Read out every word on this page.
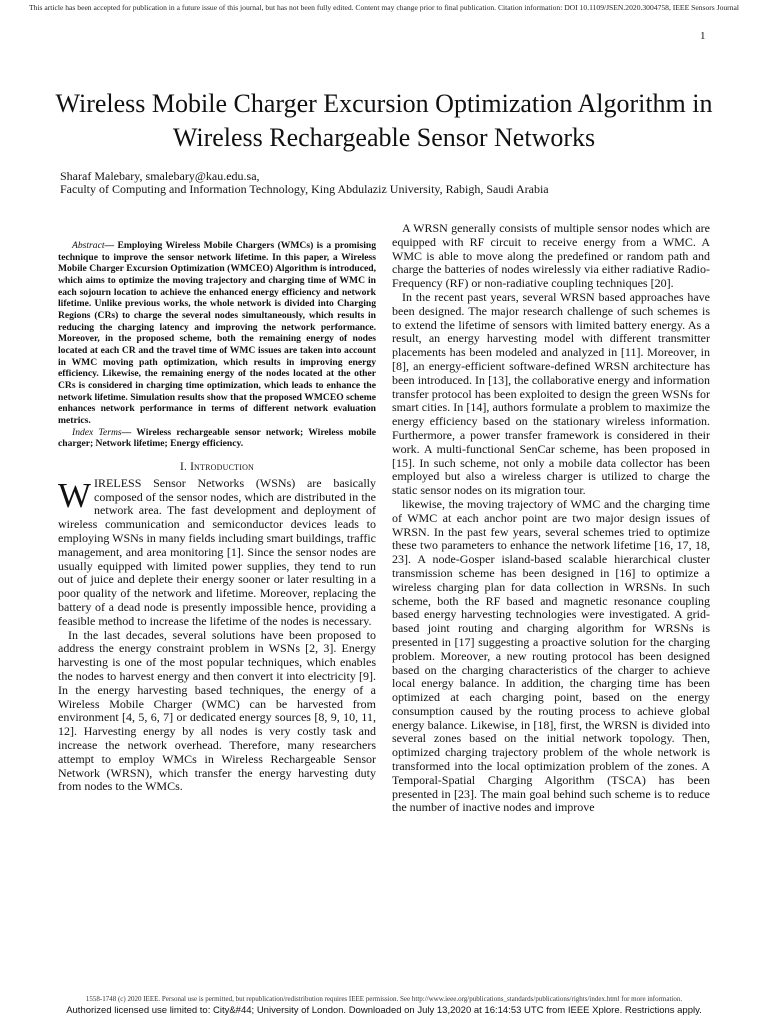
This article has been accepted for publication in a future issue of this journal, but has not been fully edited. Content may change prior to final publication. Citation information: DOI 10.1109/JSEN.2020.3004758, IEEE Sensors Journal
1
Wireless Mobile Charger Excursion Optimization Algorithm in Wireless Rechargeable Sensor Networks
Sharaf Malebary, smalebary@kau.edu.sa,
Faculty of Computing and Information Technology, King Abdulaziz University, Rabigh, Saudi Arabia

Abstract— Employing Wireless Mobile Chargers (WMCs) is a promising technique to improve the sensor network lifetime. In this paper, a Wireless Mobile Charger Excursion Optimization (WMCEO) Algorithm is introduced, which aims to optimize the moving trajectory and charging time of WMC in each sojourn location to achieve the enhanced energy efficiency and network lifetime. Unlike previous works, the whole network is divided into Charging Regions (CRs) to charge the several nodes simultaneously, which results in reducing the charging latency and improving the network performance. Moreover, in the proposed scheme, both the remaining energy of nodes located at each CR and the travel time of WMC issues are taken into account in WMC moving path optimization, which results in improving energy efficiency. Likewise, the remaining energy of the nodes located at the other CRs is considered in charging time optimization, which leads to enhance the network lifetime. Simulation results show that the proposed WMCEO scheme enhances network performance in terms of different network evaluation metrics.

Index Terms— Wireless rechargeable sensor network; Wireless mobile charger; Network lifetime; Energy efficiency.

I. Introduction

WIRELESS Sensor Networks (WSNs) are basically composed of the sensor nodes, which are distributed in the network area. The fast development and deployment of wireless communication and semiconductor devices leads to employing WSNs in many fields including smart buildings, traffic management, and area monitoring [1]. Since the sensor nodes are usually equipped with limited power supplies, they tend to run out of juice and deplete their energy sooner or later resulting in a poor quality of the network and lifetime. Moreover, replacing the battery of a dead node is presently impossible hence, providing a feasible method to increase the lifetime of the nodes is necessary.

In the last decades, several solutions have been proposed to address the energy constraint problem in WSNs [2, 3]. Energy harvesting is one of the most popular techniques, which enables the nodes to harvest energy and then convert it into electricity [9]. In the energy harvesting based techniques, the energy of a Wireless Mobile Charger (WMC) can be harvested from environment [4, 5, 6, 7] or dedicated energy sources [8, 9, 10, 11, 12]. Harvesting energy by all nodes is very costly task and increase the network overhead. Therefore, many researchers attempt to employ WMCs in Wireless Rechargeable Sensor Network (WRSN), which transfer the energy harvesting duty from nodes to the WMCs.

A WRSN generally consists of multiple sensor nodes which are equipped with RF circuit to receive energy from a WMC. A WMC is able to move along the predefined or random path and charge the batteries of nodes wirelessly via either radiative Radio-Frequency (RF) or non-radiative coupling techniques [20].

In the recent past years, several WRSN based approaches have been designed. The major research challenge of such schemes is to extend the lifetime of sensors with limited battery energy. As a result, an energy harvesting model with different transmitter placements has been modeled and analyzed in [11]. Moreover, in [8], an energy-efficient software-defined WRSN architecture has been introduced. In [13], the collaborative energy and information transfer protocol has been exploited to design the green WSNs for smart cities. In [14], authors formulate a problem to maximize the energy efficiency based on the stationary wireless information. Furthermore, a power transfer framework is considered in their work. A multi-functional SenCar scheme, has been proposed in [15]. In such scheme, not only a mobile data collector has been employed but also a wireless charger is utilized to charge the static sensor nodes on its migration tour.

likewise, the moving trajectory of WMC and the charging time of WMC at each anchor point are two major design issues of WRSN. In the past few years, several schemes tried to optimize these two parameters to enhance the network lifetime [16, 17, 18, 23]. A node-Gosper island-based scalable hierarchical cluster transmission scheme has been designed in [16] to optimize a wireless charging plan for data collection in WRSNs. In such scheme, both the RF based and magnetic resonance coupling based energy harvesting technologies were investigated. A grid-based joint routing and charging algorithm for WRSNs is presented in [17] suggesting a proactive solution for the charging problem. Moreover, a new routing protocol has been designed based on the charging characteristics of the charger to achieve local energy balance. In addition, the charging time has been optimized at each charging point, based on the energy consumption caused by the routing process to achieve global energy balance. Likewise, in [18], first, the WRSN is divided into several zones based on the initial network topology. Then, optimized charging trajectory problem of the whole network is transformed into the local optimization problem of the zones. A Temporal-Spatial Charging Algorithm (TSCA) has been presented in [23]. The main goal behind such scheme is to reduce the number of inactive nodes and improve

1558-1748 (c) 2020 IEEE. Personal use is permitted, but republication/redistribution requires IEEE permission. See http://www.ieee.org/publications_standards/publications/rights/index.html for more information.
Authorized licensed use limited to: City&#44; University of London. Downloaded on July 13,2020 at 16:14:53 UTC from IEEE Xplore. Restrictions apply.
